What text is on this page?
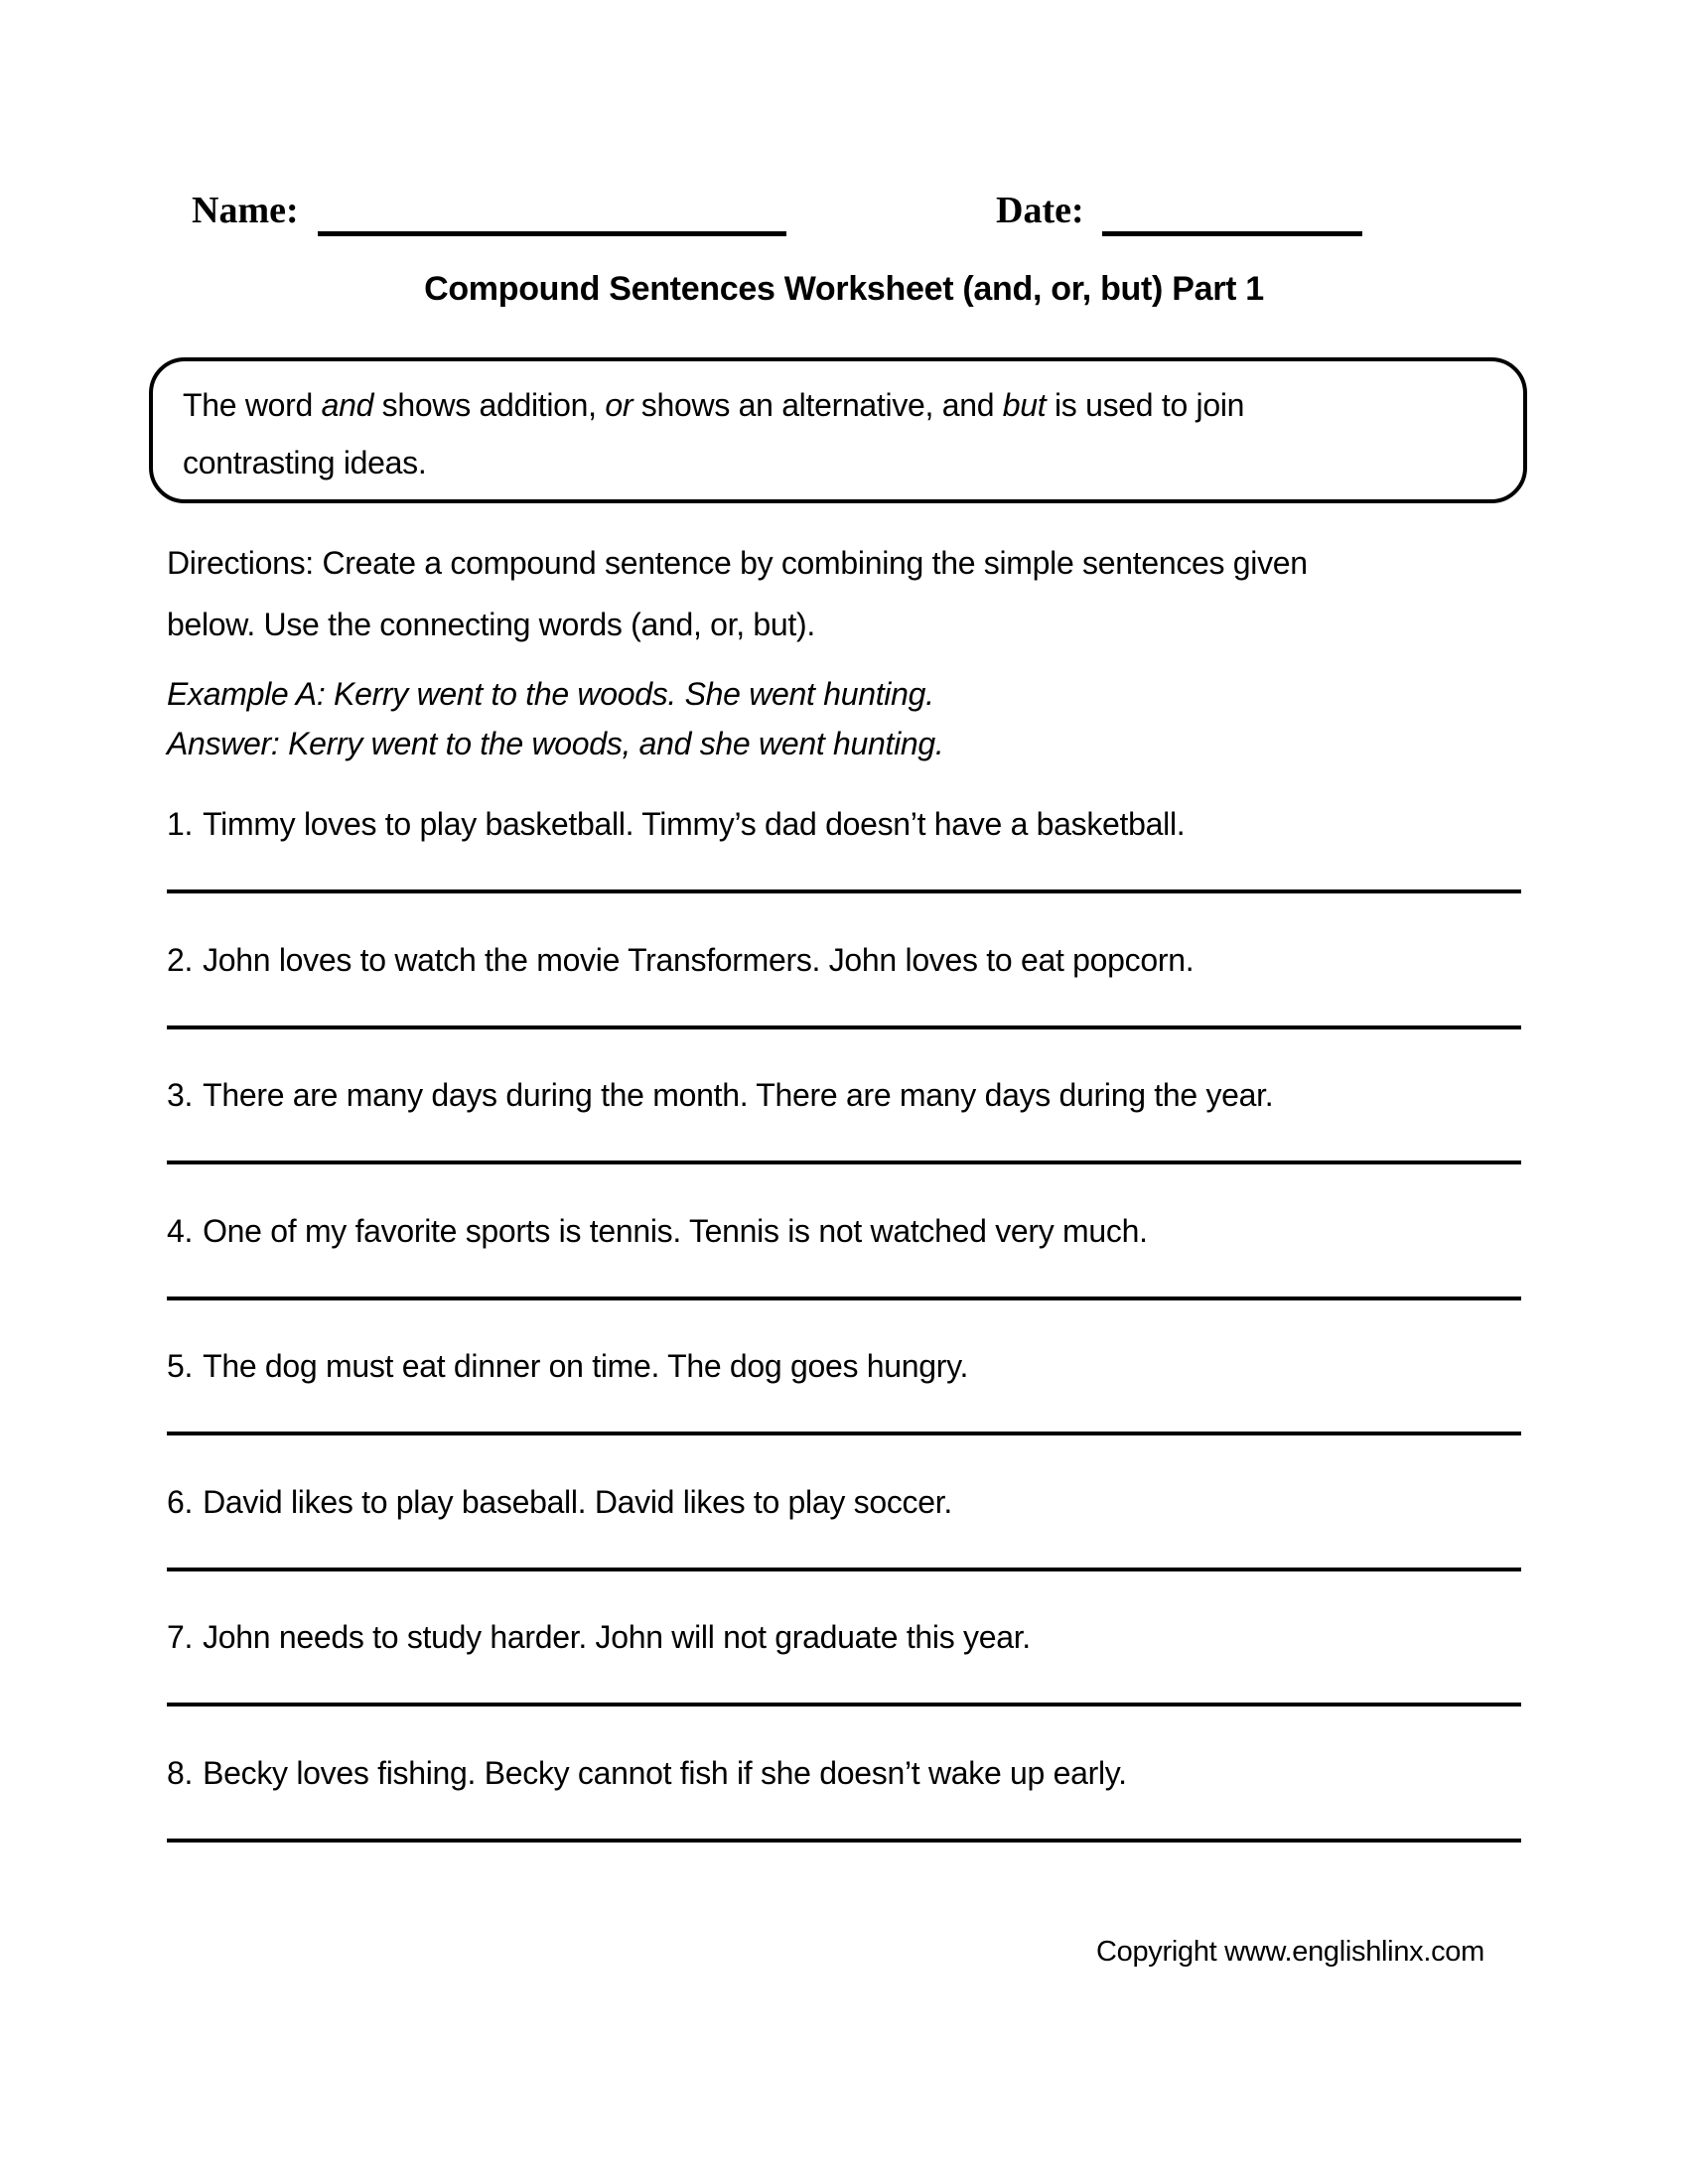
Name:	Date:
Compound Sentences Worksheet (and, or, but) Part 1
The word and shows addition, or shows an alternative, and but is used to join
contrasting ideas.
Directions: Create a compound sentence by combining the simple sentences given
below. Use the connecting words (and, or, but).
Example A: Kerry went to the woods. She went hunting.
Answer: Kerry went to the woods, and she went hunting.
1. Timmy loves to play basketball. Timmy’s dad doesn’t have a basketball.
2. John loves to watch the movie Transformers. John loves to eat popcorn.
3. There are many days during the month. There are many days during the year.
4. One of my favorite sports is tennis. Tennis is not watched very much.
5. The dog must eat dinner on time. The dog goes hungry.
6. David likes to play baseball. David likes to play soccer.
7. John needs to study harder. John will not graduate this year.
8. Becky loves fishing. Becky cannot fish if she doesn’t wake up early.
Copyright www.englishlinx.com
